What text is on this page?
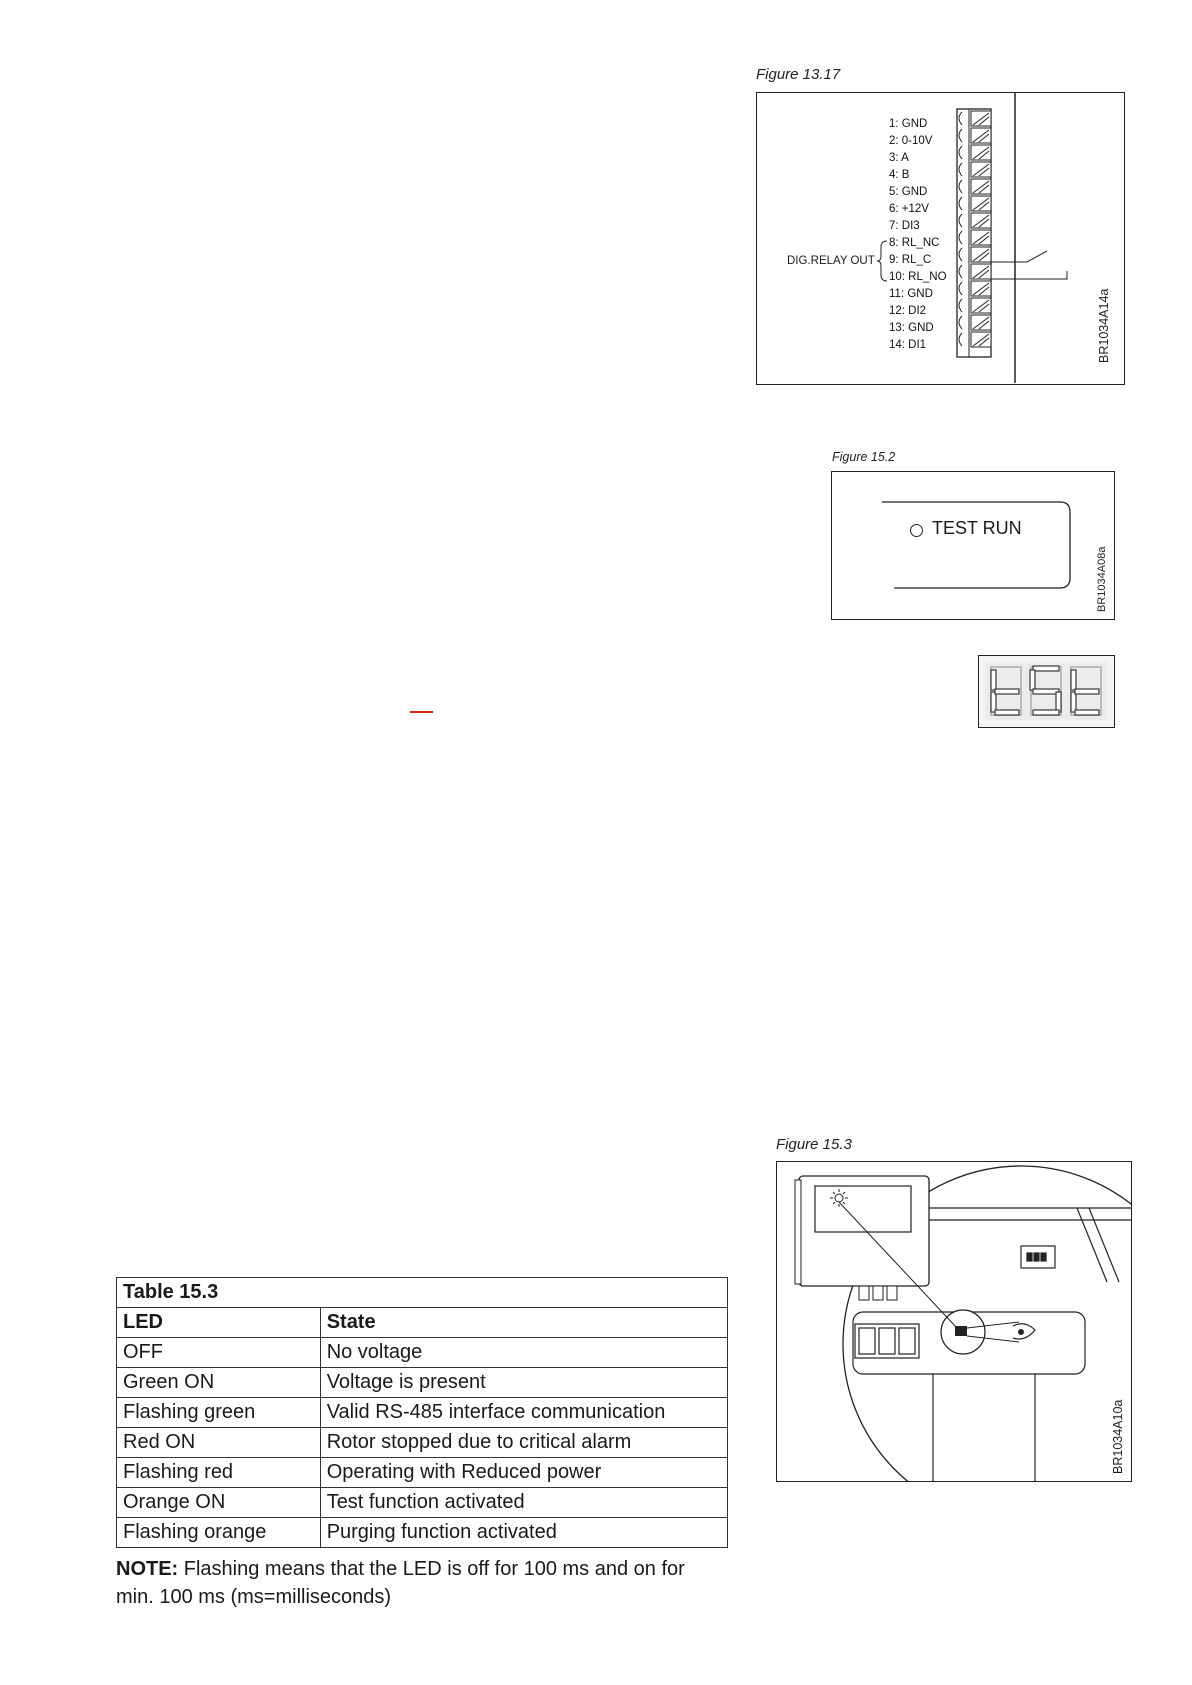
Figure 13.17
1: GND
2: 0-10V
3: A
4: B
5: GND
6: +12V
7: DI3
8: RL_NC
9: RL_C
10: RL_NO
11: GND
12: DI2
13: GND
14: DI1
DIG.RELAY OUT
BR1034A14a
Figure 15.2
TEST RUN
BR1034A08a
Figure 15.3
BR1034A10a
Table 15.3	
LED	State
OFF	No voltage
Green ON	Voltage is present
Flashing green	Valid RS-485 interface communication
Red ON	Rotor stopped due to critical alarm
Flashing red	Operating with Reduced power
Orange ON	Test function activated
Flashing orange	Purging function activated
NOTE: Flashing means that the LED is off for 100 ms and on for min. 100 ms (ms=milliseconds)
